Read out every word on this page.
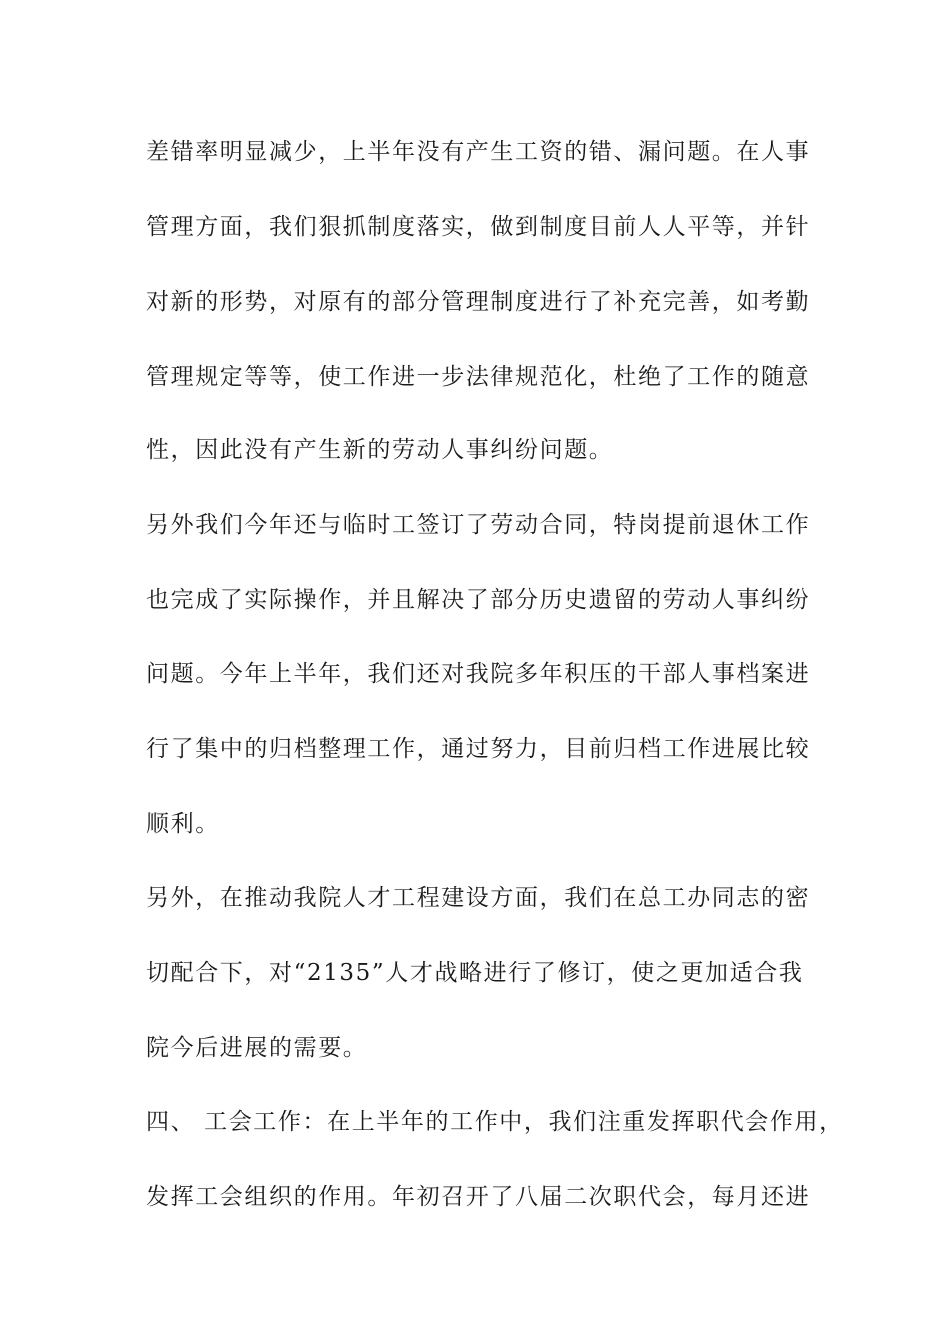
差错率明显减少，上半年没有产生工资的错、漏问题。在人事
管理方面，我们狠抓制度落实，做到制度目前人人平等，并针
对新的形势，对原有的部分管理制度进行了补充完善，如考勤
管理规定等等，使工作进一步法律规范化，杜绝了工作的随意
性，因此没有产生新的劳动人事纠纷问题。
另外我们今年还与临时工签订了劳动合同，特岗提前退休工作
也完成了实际操作，并且解决了部分历史遗留的劳动人事纠纷
问题。今年上半年，我们还对我院多年积压的干部人事档案进
行了集中的归档整理工作，通过努力，目前归档工作进展比较
顺利。
另外，在推动我院人才工程建设方面，我们在总工办同志的密
切配合下，对“2135”人才战略进行了修订，使之更加适合我
院今后进展的需要。
四、 工会工作：在上半年的工作中，我们注重发挥职代会作用，
发挥工会组织的作用。年初召开了八届二次职代会，每月还进
